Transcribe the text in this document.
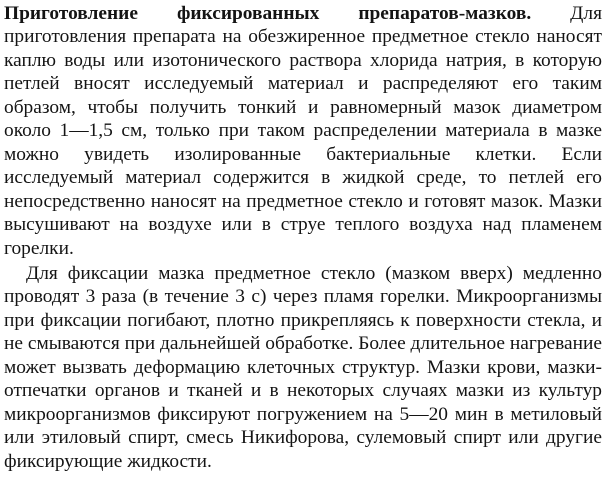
Приготовление фиксированных препаратов-мазков. Для приготовления препарата на обезжиренное предметное стекло наносят каплю воды или изотонического раствора хлорида натрия, в которую петлей вносят исследуемый материал и распределяют его таким образом, чтобы получить тонкий и равномерный мазок диаметром около 1—1,5 см, только при таком распределении материала в мазке можно увидеть изолированные бактериальные клетки. Если исследуемый материал содержится в жидкой среде, то петлей его непосредственно наносят на предметное стекло и готовят мазок. Мазки высушивают на воздухе или в струе теплого воздуха над пламенем горелки.

Для фиксации мазка предметное стекло (мазком вверх) медленно проводят 3 раза (в течение 3 с) через пламя горелки. Микроорганизмы при фиксации погибают, плотно прикрепляясь к поверхности стекла, и не смываются при дальнейшей обработке. Более длительное нагревание может вызвать деформацию клеточных структур. Мазки крови, мазки-отпечатки органов и тканей и в некоторых случаях мазки из культур микроорганизмов фиксируют погружением на 5—20 мин в метиловый или этиловый спирт, смесь Никифорова, сулемовый спирт или другие фиксирующие жидкости.
